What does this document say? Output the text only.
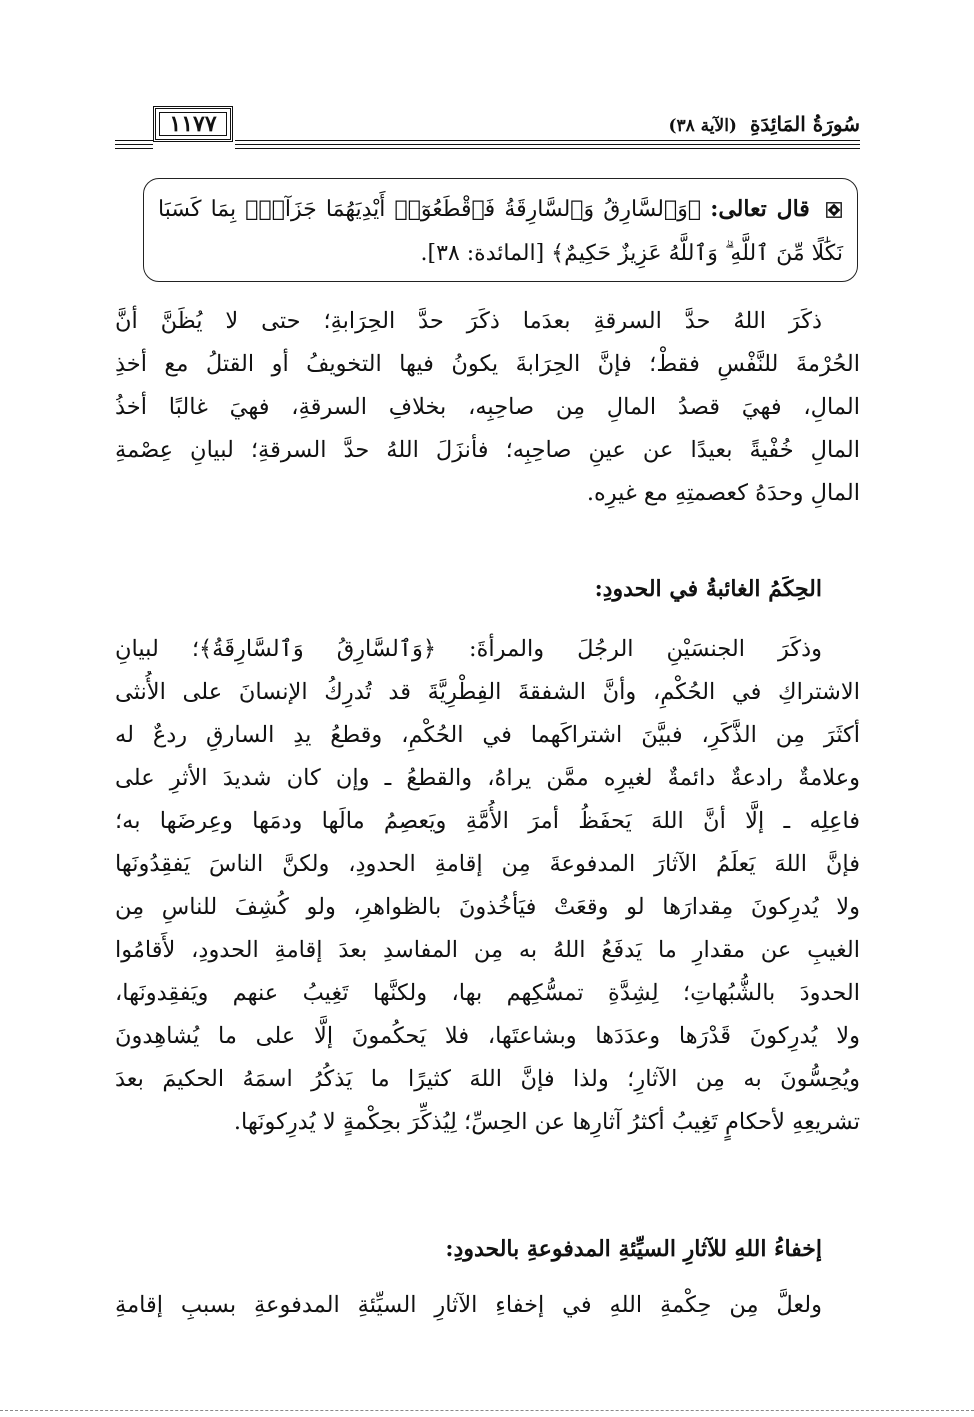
سُورَةُ المَائِدَةِ (الآية ٣٨)
١١٧٧
قال تعالى: ﴿وَٱلسَّارِقُ وَٱلسَّارِقَةُ فَٱقْطَعُوٓا۟ أَيْدِيَهُمَا جَزَآءًۢ بِمَا كَسَبَا
نَكَٰلًا مِّنَ ٱللَّهِ ۗ وَٱللَّهُ عَزِيزٌ حَكِيمٌ﴾ [المائدة: ٣٨].
ذكَرَ اللهُ حدَّ السرقةِ بعدَما ذكَرَ حدَّ الحِرَابةِ؛ حتى لا يُظَنَّ أنَّ
الحُرْمةَ للنَّفْسِ فقطْ؛ فإنَّ الحِرَابةَ يكونُ فيها التخويفُ أو القتلُ مع أخذِ
المالِ، فهيَ قصدُ المالِ مِن صاحِبِه، بخلافِ السرقةِ، فهيَ غالبًا أخذُ
المالِ خُفْيةً بعيدًا عن عينِ صاحِبِه؛ فأنزَلَ اللهُ حدَّ السرقةِ؛ لبيانِ عِصْمةِ
المالِ وحدَهُ كعصمتِهِ مع غيرِه.
الحِكَمُ الغائبةُ في الحدودِ:
وذكَرَ الجنسَيْنِ الرجُلَ والمرأةَ: ﴿وَٱلسَّارِقُ وَٱلسَّارِقَةُ﴾؛ لبيانِ
الاشتراكِ في الحُكْمِ، وأنَّ الشفقةَ الفِطْرِيَّةَ قد تُدرِكُ الإنسانَ على الأُنثى
أكثَرَ مِن الذَّكَرِ، فبيَّنَ اشتراكَهما في الحُكْمِ، وقطعُ يدِ السارقِ ردعٌ له
وعلامةٌ رادعةٌ دائمةٌ لغيرِه ممَّن يراهُ، والقطعُ ـ وإن كان شديدَ الأثرِ على
فاعِلِه ـ إلَّا أنَّ اللهَ يَحفَظُ أمرَ الأُمَّةِ ويَعصِمُ مالَها ودمَها وعِرضَها به؛
فإنَّ اللهَ يَعلَمُ الآثارَ المدفوعةَ مِن إقامةِ الحدودِ، ولكنَّ الناسَ يَفقِدُونَها
ولا يُدرِكونَ مِقدارَها لو وقعَتْ فيَأخُذونَ بالظواهرِ، ولو كُشِفَ للناسِ مِن
الغيبِ عن مقدارِ ما يَدفَعُ اللهُ به مِن المفاسدِ بعدَ إقامةِ الحدودِ، لأَقامُوا
الحدودَ بالشُّبُهاتِ؛ لِشِدَّةِ تمسُّكِهم بها، ولكنَّها تَغِيبُ عنهم ويَفقِدونَها،
ولا يُدرِكونَ قَدْرَها وعدَدَها وبشاعتَها، فلا يَحكُمونَ إلَّا على ما يُشاهِدونَ
ويُحِسُّونَ به مِن الآثارِ؛ ولذا فإنَّ اللهَ كثيرًا ما يَذكُرُ اسمَهُ الحكيمَ بعدَ
تشريعِهِ لأحكامٍ تَغِيبُ أكثرُ آثارِها عن الحِسِّ؛ لِيُذكِّرَ بحِكْمةٍ لا يُدرِكونَها.
إخفاءُ اللهِ للآثارِ السيِّئةِ المدفوعةِ بالحدودِ:
ولعلَّ مِن حِكْمةِ اللهِ في إخفاءِ الآثارِ السيِّئةِ المدفوعةِ بسببِ إقامةِ
